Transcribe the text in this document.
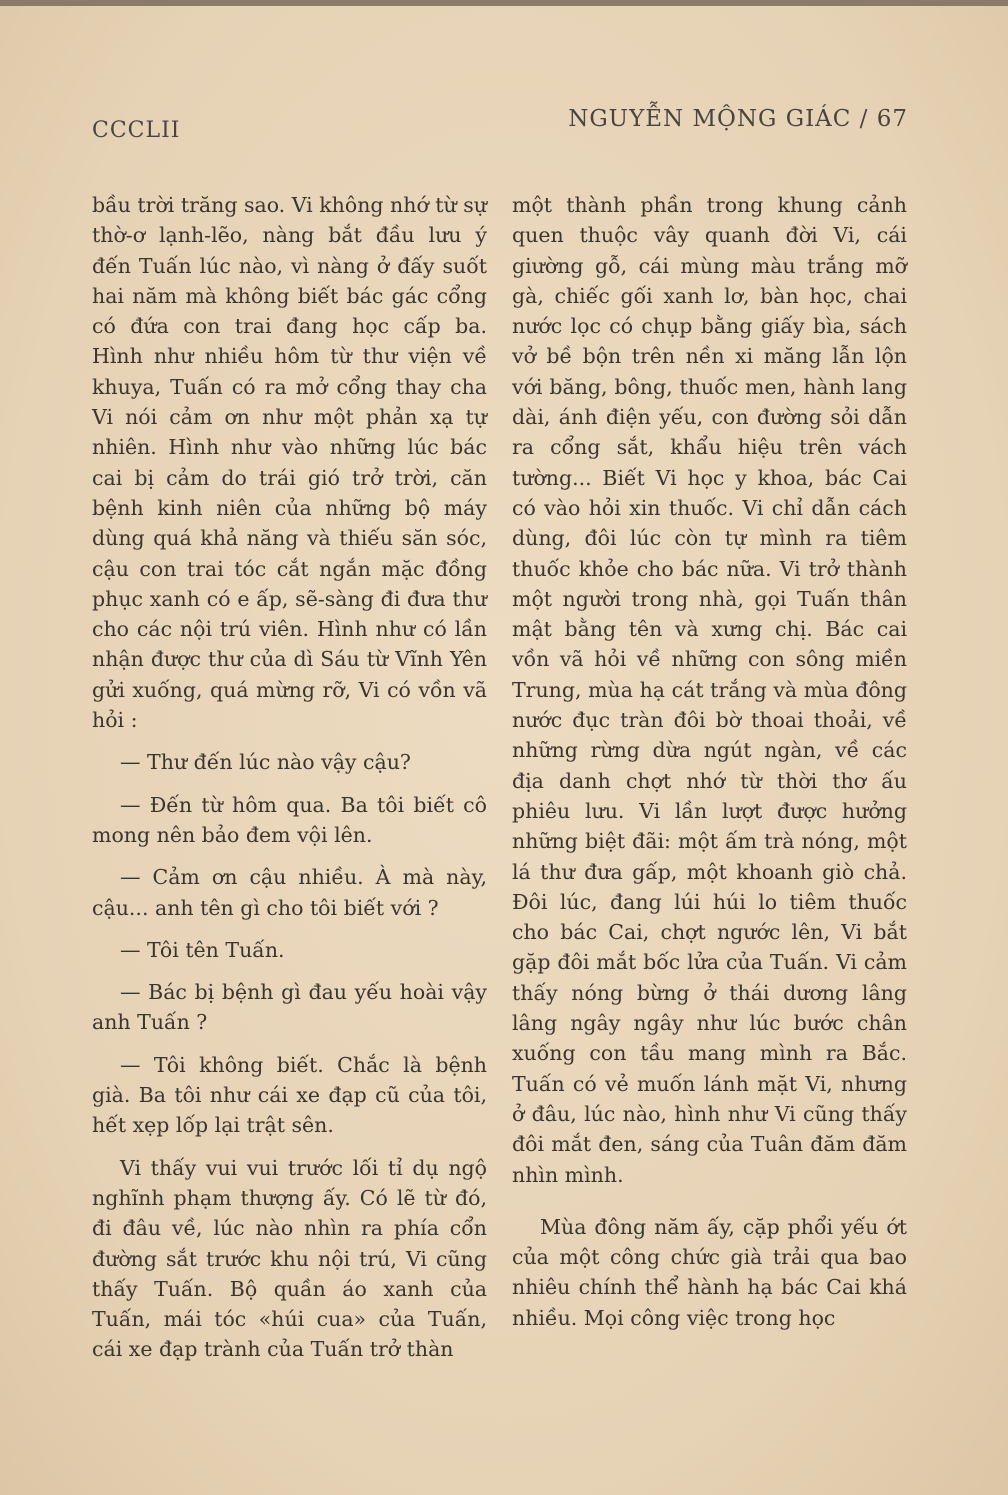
CCCLII	NGUYỄN MỘNG GIÁC / 67

bầu trời trăng sao. Vi không nhớ từ sự thờ-ơ lạnh-lẽo, nàng bắt đầu lưu ý đến Tuấn lúc nào, vì nàng ở đấy suốt hai năm mà không biết bác gác cổng có đứa con trai đang học cấp ba. Hình như nhiều hôm từ thư viện về khuya, Tuấn có ra mở cổng thay cha Vi nói cảm ơn như một phản xạ tự nhiên. Hình như vào những lúc bác cai bị cảm do trái gió trở trời, căn bệnh kinh niên của những bộ máy dùng quá khả năng và thiếu săn sóc, cậu con trai tóc cắt ngắn mặc đồng phục xanh có e ấp, sẽ-sàng đi đưa thư cho các nội trú viên. Hình như có lần nhận được thư của dì Sáu từ Vĩnh Yên gửi xuống, quá mừng rỡ, Vi có vồn vã hỏi :

— Thư đến lúc nào vậy cậu?

— Đến từ hôm qua. Ba tôi biết cô mong nên bảo đem vội lên.

— Cảm ơn cậu nhiều. À mà này, cậu... anh tên gì cho tôi biết với ?

— Tôi tên Tuấn.

— Bác bị bệnh gì đau yếu hoài vậy anh Tuấn ?

— Tôi không biết. Chắc là bệnh già. Ba tôi như cái xe đạp cũ của tôi, hết xẹp lốp lại trật sên.

Vi thấy vui vui trước lối tỉ dụ ngộ nghĩnh phạm thượng ấy. Có lẽ từ đó, đi đâu về, lúc nào nhìn ra phía cổn đường sắt trước khu nội trú, Vi cũng thấy Tuấn. Bộ quần áo xanh của Tuấn, mái tóc «húi cua» của Tuấn, cái xe đạp trành của Tuấn trở thàn

một thành phần trong khung cảnh quen thuộc vây quanh đời Vi, cái giường gỗ, cái mùng màu trắng mỡ gà, chiếc gối xanh lơ, bàn học, chai nước lọc có chụp bằng giấy bìa, sách vở bề bộn trên nền xi măng lẫn lộn với băng, bông, thuốc men, hành lang dài, ánh điện yếu, con đường sỏi dẫn ra cổng sắt, khẩu hiệu trên vách tường... Biết Vi học y khoa, bác Cai có vào hỏi xin thuốc. Vi chỉ dẫn cách dùng, đôi lúc còn tự mình ra tiêm thuốc khỏe cho bác nữa. Vi trở thành một người trong nhà, gọi Tuấn thân mật bằng tên và xưng chị. Bác cai vồn vã hỏi về những con sông miền Trung, mùa hạ cát trắng và mùa đông nước đục tràn đôi bờ thoai thoải, về những rừng dừa ngút ngàn, về các địa danh chợt nhớ từ thời thơ ấu phiêu lưu. Vi lần lượt được hưởng những biệt đãi: một ấm trà nóng, một lá thư đưa gấp, một khoanh giò chả. Đôi lúc, đang lúi húi lo tiêm thuốc cho bác Cai, chợt ngước lên, Vi bắt gặp đôi mắt bốc lửa của Tuấn. Vi cảm thấy nóng bừng ở thái dương lâng lâng ngây ngây như lúc bước chân xuống con tầu mang mình ra Bắc. Tuấn có vẻ muốn lánh mặt Vi, nhưng ở đâu, lúc nào, hình như Vi cũng thấy đôi mắt đen, sáng của Tuân đăm đăm nhìn mình.

Mùa đông năm ấy, cặp phổi yếu ớt của một công chức già trải qua bao nhiêu chính thể hành hạ bác Cai khá nhiều. Mọi công việc trong học
